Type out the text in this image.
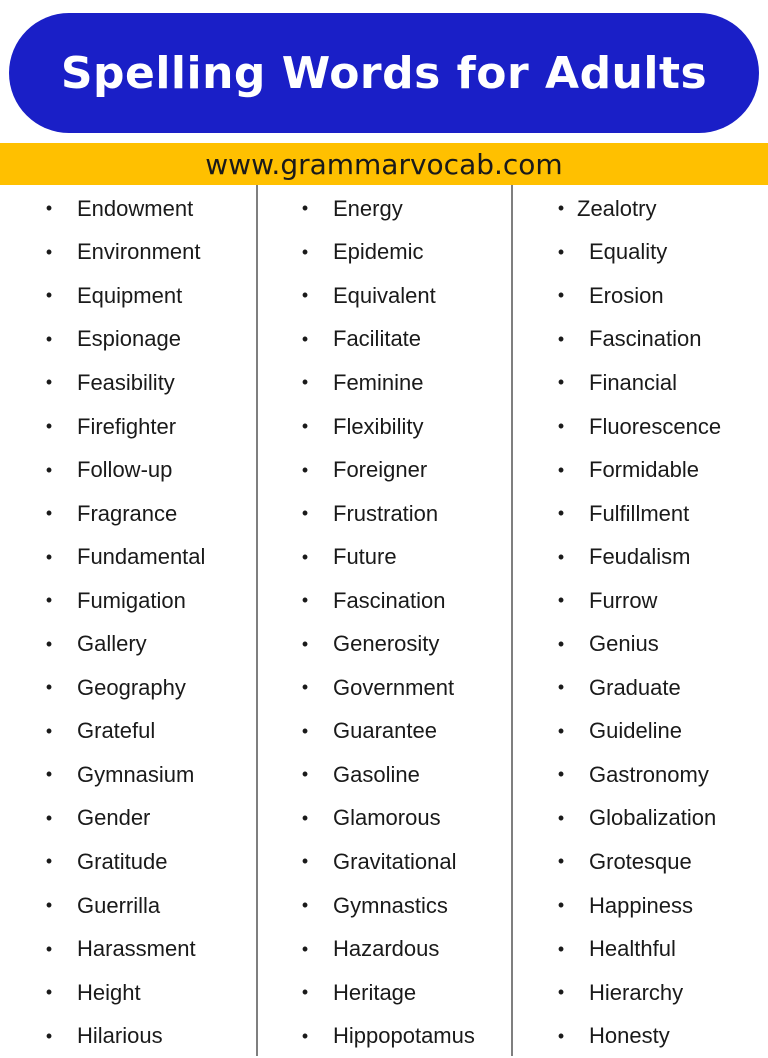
Spelling Words for Adults
www.grammarvocab.com
• Endowment
• Environment
• Equipment
• Espionage
• Feasibility
• Firefighter
• Follow-up
• Fragrance
• Fundamental
• Fumigation
• Gallery
• Geography
• Grateful
• Gymnasium
• Gender
• Gratitude
• Guerrilla
• Harassment
• Height
• Hilarious
• Energy
• Epidemic
• Equivalent
• Facilitate
• Feminine
• Flexibility
• Foreigner
• Frustration
• Future
• Fascination
• Generosity
• Government
• Guarantee
• Gasoline
• Glamorous
• Gravitational
• Gymnastics
• Hazardous
• Heritage
• Hippopotamus
• Zealotry
• Equality
• Erosion
• Fascination
• Financial
• Fluorescence
• Formidable
• Fulfillment
• Feudalism
• Furrow
• Genius
• Graduate
• Guideline
• Gastronomy
• Globalization
• Grotesque
• Happiness
• Healthful
• Hierarchy
• Honesty
